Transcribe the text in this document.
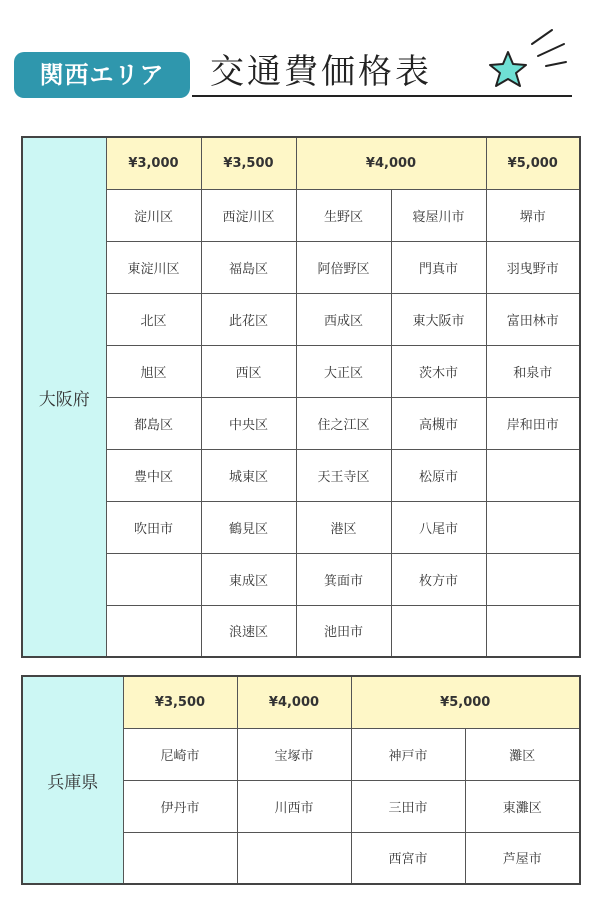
関西エリア	交通費価格表
大阪府	¥3,000	¥3,500	¥4,000		¥5,000
	淀川区	西淀川区	生野区	寝屋川市	堺市
	東淀川区	福島区	阿倍野区	門真市	羽曳野市
	北区	此花区	西成区	東大阪市	富田林市
	旭区	西区	大正区	茨木市	和泉市
	都島区	中央区	住之江区	高槻市	岸和田市
	豊中区	城東区	天王寺区	松原市	
	吹田市	鶴見区	港区	八尾市	
		東成区	箕面市	枚方市	
		浪速区	池田市		
兵庫県	¥3,500	¥4,000	¥5,000	
	尼崎市	宝塚市	神戸市	灘区
	伊丹市	川西市	三田市	東灘区
			西宮市	芦屋市
